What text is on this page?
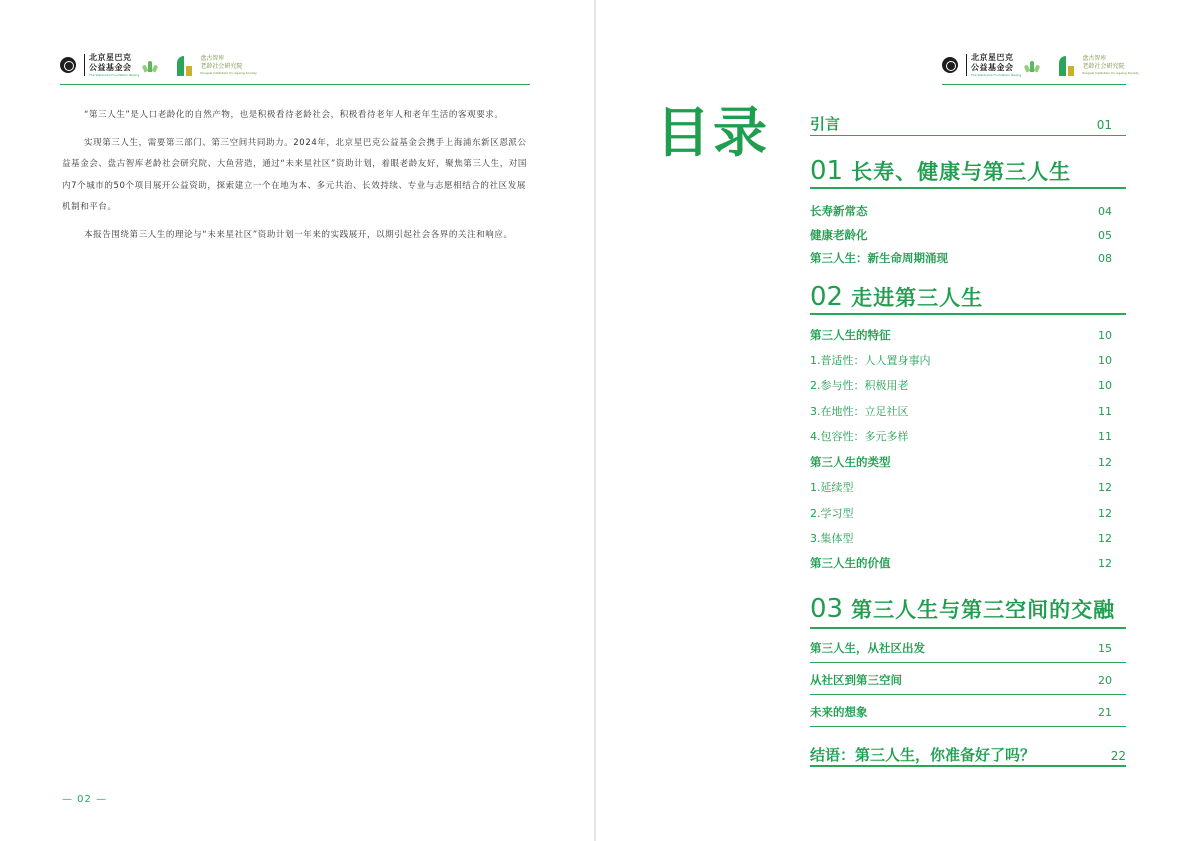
北京星巴克
公益基金会
The Starbucks Foundation Beijing
盘古智库
老龄社会研究院
Pangoal Institution for Ageing Society

“第三人生”是人口老龄化的自然产物，也是积极看待老龄社会，积极看待老年人和老年生活的客观要求。

实现第三人生，需要第三部门、第三空间共同助力。2024年，北京星巴克公益基金会携手上海浦东新区恩派公益基金会、盘古智库老龄社会研究院、大鱼营造，通过“未来星社区”资助计划，着眼老龄友好，聚焦第三人生，对国内7个城市的50个项目展开公益资助，探索建立一个在地为本、多元共治、长效持续、专业与志愿相结合的社区发展机制和平台。

本报告围绕第三人生的理论与“未来星社区”资助计划一年来的实践展开，以期引起社会各界的关注和响应。

— 02 —
北京星巴克
公益基金会
The Starbucks Foundation Beijing
盘古智库
老龄社会研究院
Pangoal Institution for Ageing Society
目录	引言	01
01 长寿、健康与第三人生
长寿新常态	04
健康老龄化	05
第三人生：新生命周期涌现	08
02 走进第三人生
第三人生的特征	10
1.普适性：人人置身事内	10
2.参与性：积极用老	10
3.在地性：立足社区	11
4.包容性：多元多样	11
第三人生的类型	12
1.延续型	12
2.学习型	12
3.集体型	12
第三人生的价值	12
03 第三人生与第三空间的交融
第三人生，从社区出发	15
从社区到第三空间	20
未来的想象	21
结语：第三人生，你准备好了吗？	22
